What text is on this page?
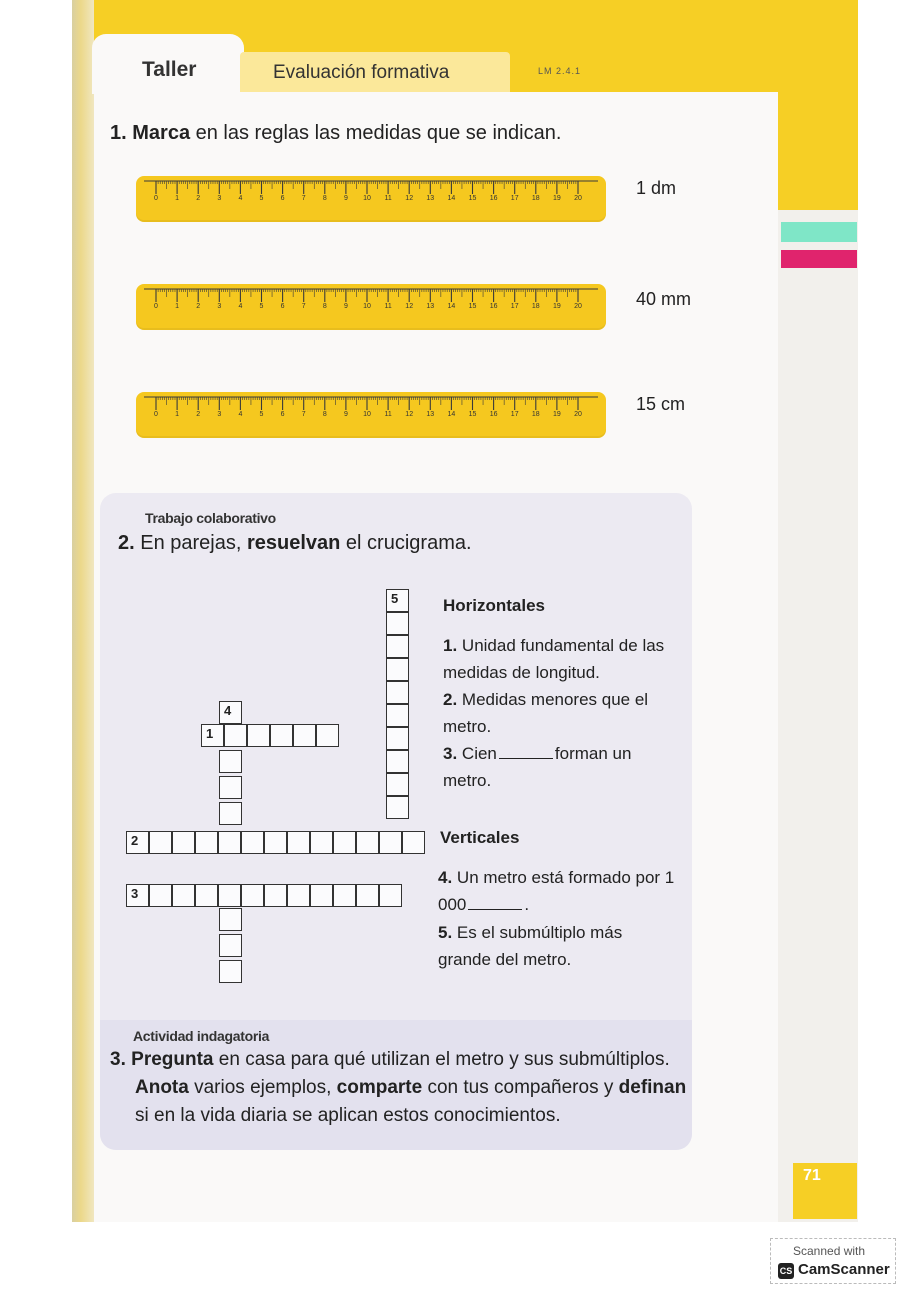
Taller	Evaluación formativa	LM 2.4.1
1. Marca en las reglas las medidas que se indican.
0 1 2 3 4 5 6 7 8 9 10 11 12 13 14 15 16 17 18 19 20
1 dm
0 1 2 3 4 5 6 7 8 9 10 11 12 13 14 15 16 17 18 19 20	40 mm
0 1 2 3 4 5 6 7 8 9 10 11 12 13 14 15 16 17 18 19 20
15 cm
Trabajo colaborativo
2. En parejas, resuelvan el crucigrama.
5
4
1
2
3
Horizontales
1. Unidad fundamental de las medidas de longitud.
2. Medidas menores que el metro.
3. Cien	forman un metro.
Verticales
4. Un metro está formado por 1 000	.
5. Es el submúltiplo más grande del metro.
Actividad indagatoria
3. Pregunta en casa para qué utilizan el metro y sus submúltiplos.
Anota varios ejemplos, comparte con tus compañeros y definan si en la vida diaria se aplican estos conocimientos.
71
Scanned with
CS CamScanner
